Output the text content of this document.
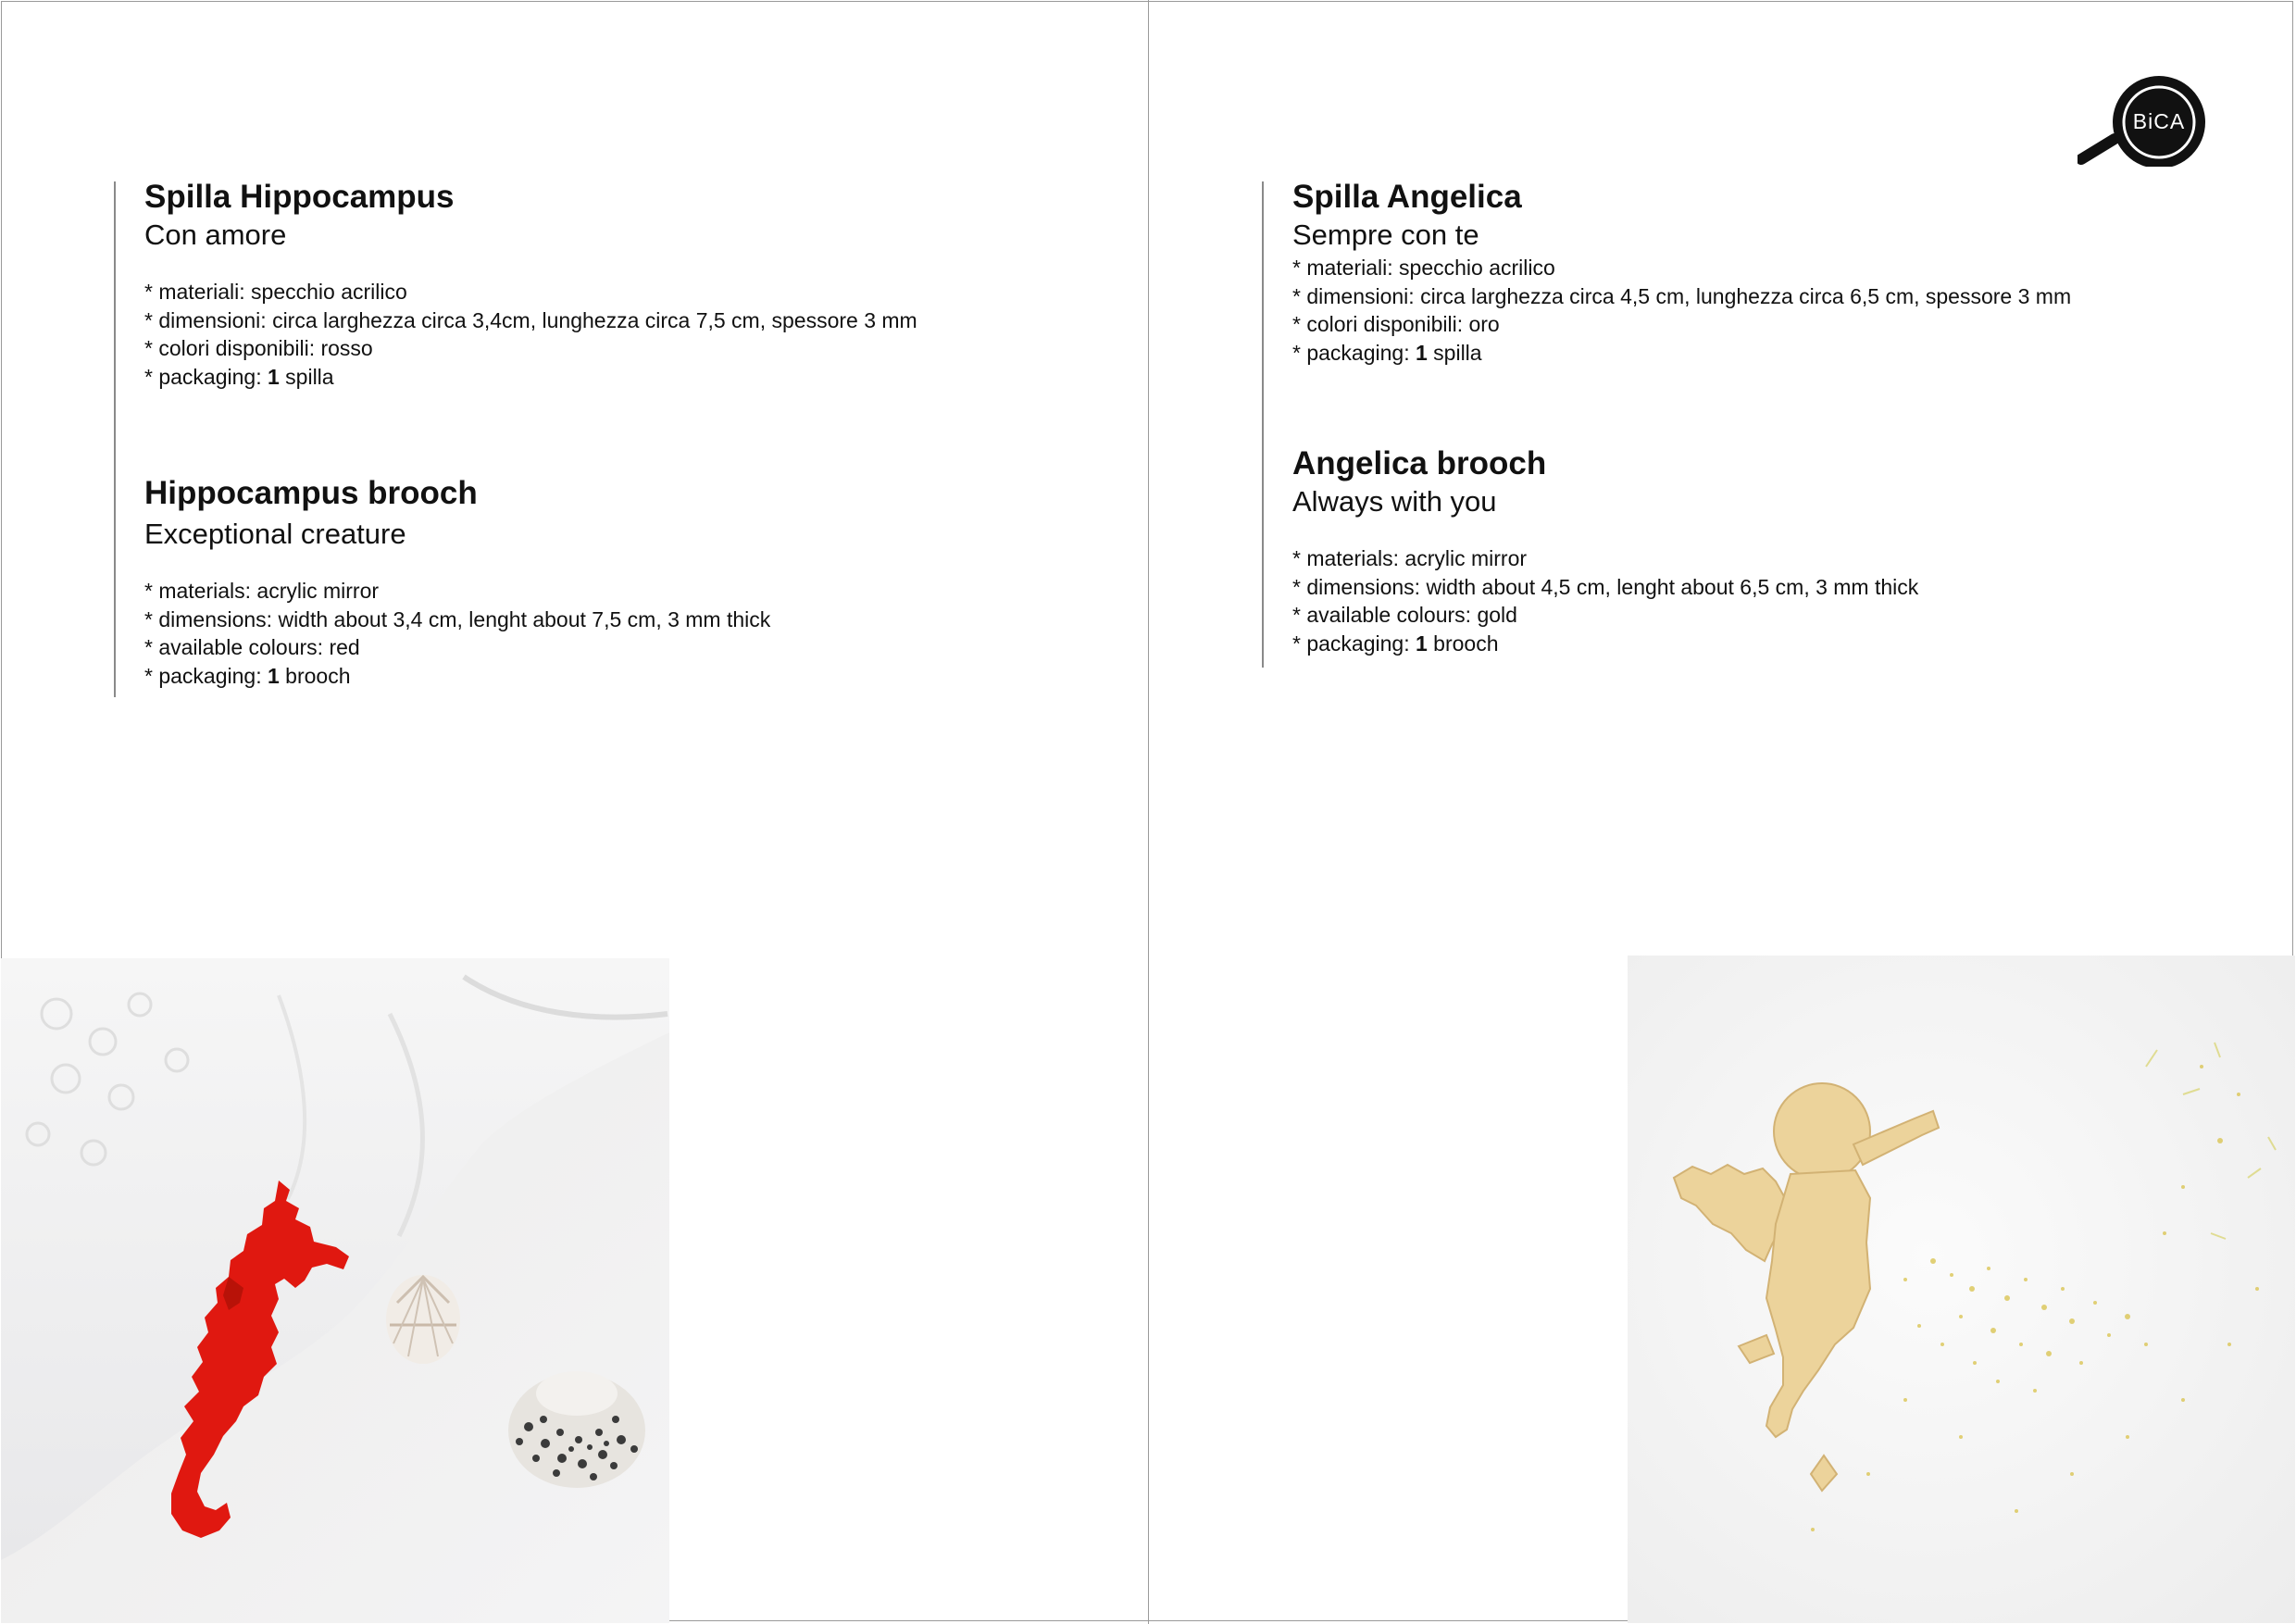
Spilla Hippocampus
Con amore
* materiali: specchio acrilico
* dimensioni: circa larghezza circa 3,4cm, lunghezza circa 7,5 cm, spessore 3 mm
* colori disponibili: rosso
* packaging: 1 spilla
Hippocampus brooch
Exceptional creature
* materials: acrylic mirror
* dimensions: width about 3,4 cm, lenght about 7,5 cm, 3 mm thick
* available colours: red
* packaging: 1 brooch
BiCA
Spilla Angelica
Sempre con te
* materiali: specchio acrilico
* dimensioni: circa larghezza circa 4,5 cm, lunghezza circa 6,5 cm, spessore 3 mm
* colori disponibili: oro
* packaging: 1 spilla
Angelica brooch
Always with you
* materials: acrylic mirror
* dimensions: width about 4,5 cm, lenght about 6,5 cm, 3 mm thick
* available colours: gold
* packaging: 1 brooch
